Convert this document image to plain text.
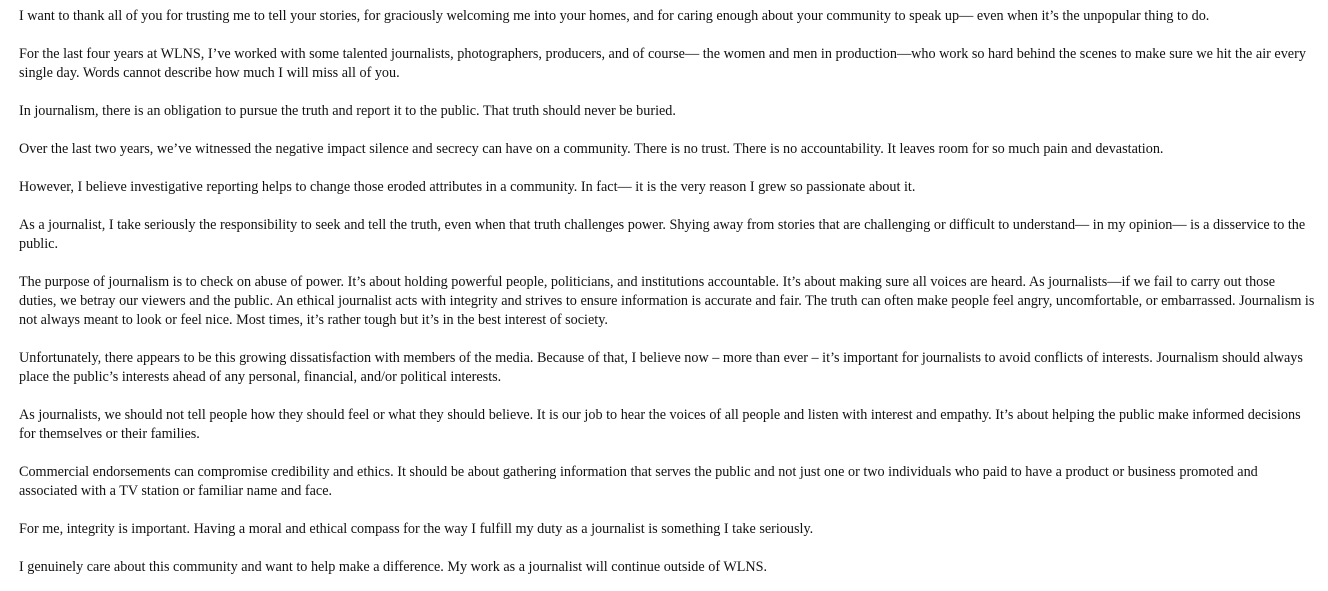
I want to thank all of you for trusting me to tell your stories, for graciously welcoming me into your homes, and for caring enough about your community to speak up— even when it’s the unpopular thing to do.

For the last four years at WLNS, I’ve worked with some talented journalists, photographers, producers, and of course— the women and men in production—who work so hard behind the scenes to make sure we hit the air every single day. Words cannot describe how much I will miss all of you.

In journalism, there is an obligation to pursue the truth and report it to the public. That truth should never be buried.

Over the last two years, we’ve witnessed the negative impact silence and secrecy can have on a community. There is no trust. There is no accountability. It leaves room for so much pain and devastation.

However, I believe investigative reporting helps to change those eroded attributes in a community. In fact— it is the very reason I grew so passionate about it.

As a journalist, I take seriously the responsibility to seek and tell the truth, even when that truth challenges power. Shying away from stories that are challenging or difficult to understand— in my opinion— is a disservice to the public.

The purpose of journalism is to check on abuse of power. It’s about holding powerful people, politicians, and institutions accountable. It’s about making sure all voices are heard. As journalists—if we fail to carry out those duties, we betray our viewers and the public. An ethical journalist acts with integrity and strives to ensure information is accurate and fair. The truth can often make people feel angry, uncomfortable, or embarrassed. Journalism is not always meant to look or feel nice. Most times, it’s rather tough but it’s in the best interest of society.

Unfortunately, there appears to be this growing dissatisfaction with members of the media. Because of that, I believe now – more than ever – it’s important for journalists to avoid conflicts of interests. Journalism should always place the public’s interests ahead of any personal, financial, and/or political interests.

As journalists, we should not tell people how they should feel or what they should believe. It is our job to hear the voices of all people and listen with interest and empathy. It’s about helping the public make informed decisions for themselves or their families.

Commercial endorsements can compromise credibility and ethics. It should be about gathering information that serves the public and not just one or two individuals who paid to have a product or business promoted and associated with a TV station or familiar name and face.

For me, integrity is important. Having a moral and ethical compass for the way I fulfill my duty as a journalist is something I take seriously.

I genuinely care about this community and want to help make a difference. My work as a journalist will continue outside of WLNS.
